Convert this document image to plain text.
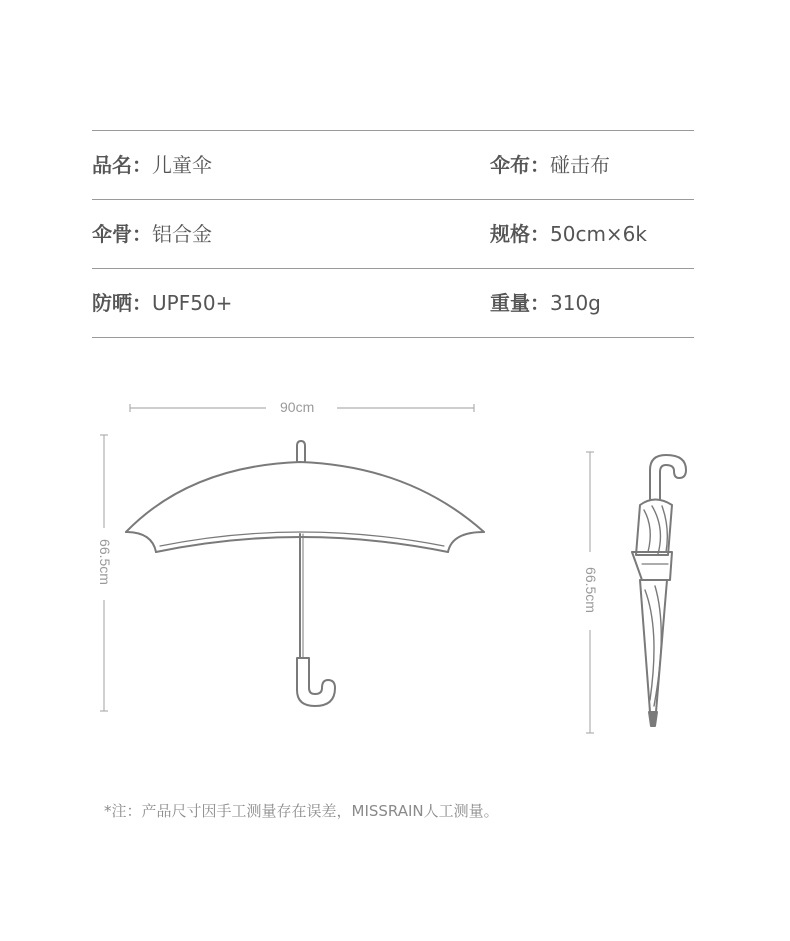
品名：儿童伞	伞布：碰击布
伞骨：铝合金	规格：50cm×6k
防晒：UPF50+	重量：310g
90cm
66.5cm
66.5cm
*注：产品尺寸因手工测量存在误差，MISSRAIN人工测量。
